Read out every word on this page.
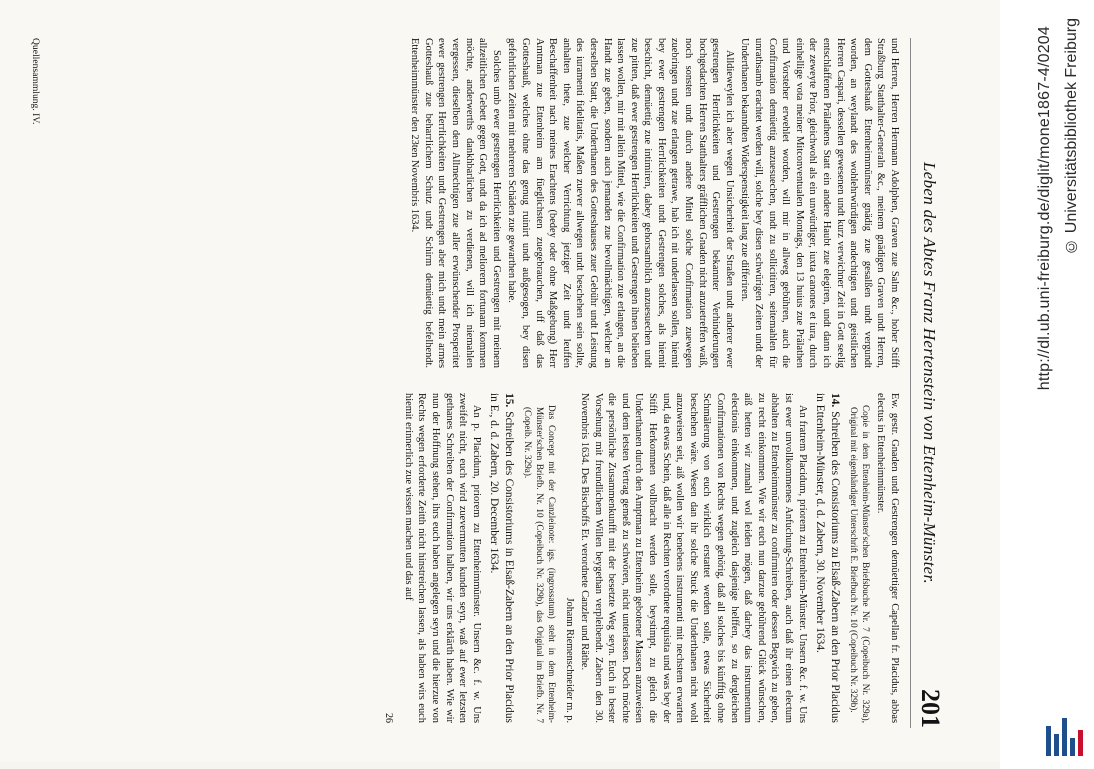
Leben des Abtes Franz Hertenstein von Ettenheim-Münster.
201

und Herren, Herren Hermann Adolphen, Graven zue Salm &c., hoher Stifft Straßburg Statthalter-Generaln &c., meinem gnädigen Graven undt Herren, dem Gotteshauß Ettenheimmünster gnädig zue gesalßen undt vergundt worden, an weylandt des wohlehrwürdigen andechtigen undt geistlichen Herren Caspari, dessellen gewesenen undt kurz verwichner Zeit in Gott seelig entschlaffenen Prälathens Statt ein andere Haubt zue elegiren, undt dann ich der zeweyte Prior, gleichwohl als ein unwürdiger, iuxta canones et iura, durch einhellige vota meiner Mitconventualen Montags, den 13 huius zue Prälathen und Vorsteher erwehlet worden, will mir in allweg gebühren, auch die Confirmation demüettig anzuesuechen, undt zu sollicitiren, seitemahlen für unrathsamb erachtet werden will, solche bey disen schwürigen Zeiten undt der Underthanen bekanndten Widerspenstigkeit lang zue differiren.

Alldieweylen ich aber wegen Unsicherheit der Straßen undt anderer ewer gestrengen Herrlichkeiten und Gestrengen bekannter Verhinderungen hochgedachten Herren Statthalters gräfflichen Gnaden nicht anzuetreffen waiß, noch sonsten undt durch andere Mittel solche Confirmation zuewegen zuebringen undt zue erlangen getrawe, hab ich nit underlassen sollen, hiemit bey ewer gestrengen Herrlichkeiten undt Gestrengen solches, als hiemit beschicht, demüettig zue intimiren, dabey gehorsamblich anzuesuechen undt zue pitten, daß ewer gestrengen Herrlichkeiten undt Gestrengen ihnen belieben lassen wollen, mir mit allein Mittel, wie die Confirmation zue erlangen, an die Handt zue geben, sondern auch jemanden zue bevollmächtigen, welcher an derselben Statt, die Underthanen des Gotteshauses zuer Gebühr undt Leistung des iuramenti fidelitatis, Maßen zuever allwegen undt beschehen sein sollte, anhalten thete, zue welcher Verrichtung jetziger Zeit undt leuffen Beschaffenheit nach meines Erachtens (bedey oder ohne Maßgebung) Herr Amtman zue Ettenheim am füeglichsten zuegebrauchen, uff daß das Gotteshauß, welches ohne das genug ruinirt undt außgesogen, bey disen gefehrlichen Zeiten mit mehreren Schäden zue gewarthen habe.

Solches umb ewer gestrengen Herrlichkeiten und Gestrengen mit meinem allzeitlichen Gebett gegen Gott, undt da ich ad meliorem fortunam kommen möchte, anderwerths dankhbarlichen zu verdienen, will ich niemahlen vergessen, dieselben dem Allmechtigen zue aller erwünschender Prosperitet ewer gestrengen Herrlichkeiten undt Gestrengen aber mich undt mein armes Gotteshauß zue beharrlichem Schutz undt Schirm demüettig befelhendt. Ettenheimmünster den 23ten Novembris 1634.

Ew. gestr. Gnaden undt Gestrengen demüettiger Capellan fr. Placidus, abbas electus in Ettenheimmünster.

Copie in dem Ettenheim-Münster'schen Briefsbuche Nr. 7 (Copeibuch Nr. 329a), Original mit eigenhändiger Unterschrift E. Briefbuch Nr. 10 (Copeibuch Nr. 329b).
14.Schreiben des Consistoriums zu Elsaß-Zabern an den Prior Placidus in Ettenheim-Münster, d. d. Zabern, 30. November 1634.

An fratrem Placidum, priorem zu Ettenheim-Münster. Unsern &c. f. w. Uns ist ewer unvollkommenes Anfuchung-Schreiben, auch daß ihr einen electum abhalten zu Ettenheimmünster zu confirmiren oder dessen Begwich zu geben, zu recht einkommen. Wie wir euch nun darzue gebührend Glück wünschen, aiß hetten wir zumahl wol leiden mögen, daß darbey das instrumentum electionis einkommen, undt zugleich dasjenige helffen, so zu dergleichen Confirmationen von Rechts wegen gehörig, daß all solches bis künfftig ohne Schmälerung von euch wirklich erstattet werden solle, etwas Sicherheit beschehen wäre. Wesen dan ihr solche Stuck die Underthanen nicht wohl anzuweisen seit, aiß wollen wir benebens instrumenti mit nechstem erwarten und, da etwas Schein, daß alle in Rechten verordnete requisita und was bey der Stifft Herkommen vollbracht werden solle, beystimpt, zu gleich die Underthanen durch den Amptman zu Ettenheim gebotener Massen anzuweisen und dem letsten Vertrag gemeß zu schwören, nicht unterlassen. Doch möchte die persönliche Zusammenkunfft mit der besetzte Weg seyn. Euch in bester Vorsehung mit freundlichem Willen beygethan verpleibendt. Zabern den 30. Novembris 1634. Des Bischoffs Et. verordnete Canzler und Räthe.

Johann Riemenschneider m. p.
Das Concept mit der Canzleinote: igs. (ingrossatum) steht in dem Ettenheim-Münster'schen Briefb. Nr. 10 (Copeibuch Nr. 329b), das Original im Briefb. Nr. 7 (Copeib. Nr. 329a).
15.Schreiben des Consistoriums in Elsaß-Zabern an den Prior Placidus in E., d. d. Zabern, 20. December 1634.

An p. Placidum, priorem zu Ettenheimmünster. Unsern &c. f. w. Uns zweifelt nicht, euch wird zuevermutten kunden seyn, waß auf ewer letzsten gethanes Schreiben der Confirmation halben, wir uns erklärth haben. Wie wir nun der Hoffnung stehen, ihrs euch haben angelegen seyn und die hierzue von Rechts wegen erforderte Zeitth nicht hinstreichen lassen, als haben wirs euch hiemit erinnerlich zue wissen machen und das auf

26
Quellensammlung. IV.	http://dl.ub.uni-freiburg.de/diglit/mone1867-4/0204 © Universitätsbibliothek Freiburg
